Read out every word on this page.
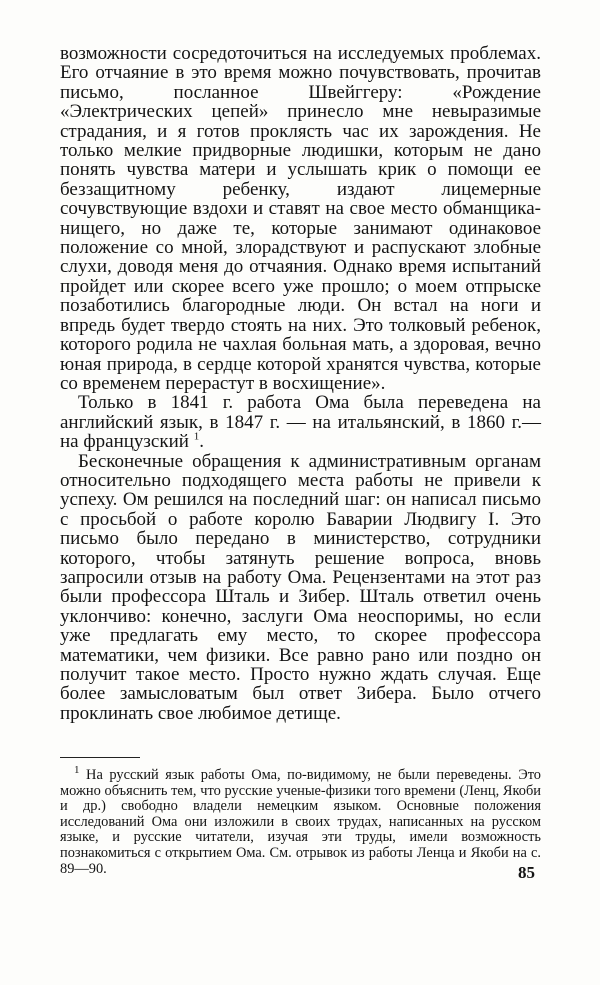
возможности сосредоточиться на исследуемых проблемах. Его отчаяние в это время можно почувствовать, прочитав письмо, посланное Швейггеру: «Рождение «Электрических цепей» принесло мне невыразимые страдания, и я готов проклясть час их зарождения. Не только мелкие придворные людишки, которым не дано понять чувства матери и услышать крик о помощи ее беззащитному ребенку, издают лицемерные сочувствующие вздохи и ставят на свое место обманщика-нищего, но даже те, которые занимают одинаковое положение со мной, злорадствуют и распускают злобные слухи, доводя меня до отчаяния. Однако время испытаний пройдет или скорее всего уже прошло; о моем отпрыске позаботились благородные люди. Он встал на ноги и впредь будет твердо стоять на них. Это толковый ребенок, которого родила не чахлая больная мать, а здоровая, вечно юная природа, в сердце которой хранятся чувства, которые со временем перерастут в восхищение».

Только в 1841 г. работа Ома была переведена на английский язык, в 1847 г. — на итальянский, в 1860 г.— на французский $^1$.

Бесконечные обращения к административным органам относительно подходящего места работы не привели к успеху. Ом решился на последний шаг: он написал письмо с просьбой о работе королю Баварии Людвигу I. Это письмо было передано в министерство, сотрудники которого, чтобы затянуть решение вопроса, вновь запросили отзыв на работу Ома. Рецензентами на этот раз были профессора Шталь и Зибер. Шталь ответил очень уклончиво: конечно, заслуги Ома неоспоримы, но если уже предлагать ему место, то скорее профессора математики, чем физики. Все равно рано или поздно он получит такое место. Просто нужно ждать случая. Еще более замысловатым был ответ Зибера. Было отчего проклинать свое любимое детище.

$^1$ На русский язык работы Ома, по-видимому, не были переведены. Это можно объяснить тем, что русские ученые-физики того времени (Ленц, Якоби и др.) свободно владели немецким языком. Основные положения исследований Ома они изложили в своих трудах, написанных на русском языке, и русские читатели, изучая эти труды, имели возможность познакомиться с открытием Ома. См. отрывок из работы Ленца и Якоби на с. 89—90.	85
